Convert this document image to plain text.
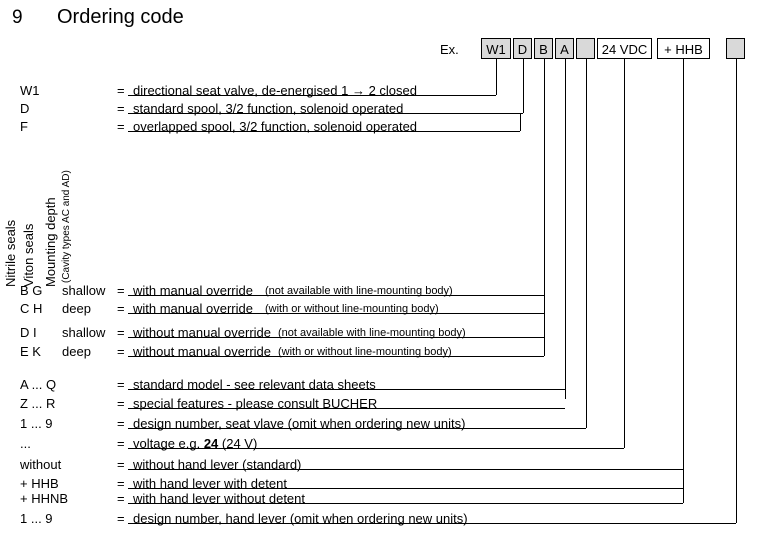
9 Ordering code
Ex.	W1 D B A	24 VDC	+ HHB
W1	= directional seat valve, de-energised 1 → 2 closed
D	= standard spool, 3/2 function, solenoid operated
F	= overlapped spool, 3/2 function, solenoid operated
Nitrile seals Viton seals Mounting depth (Cavity types AC and AD)
B G shallow = with manual override (not available with line-mounting body)
C H deep = with manual override (with or without line-mounting body)
D I shallow = without manual override (not available with line-mounting body)
E K deep = without manual override (with or without line-mounting body)
A ... Q	= standard model - see relevant data sheets
Z ... R	= special features - please consult BUCHER
1 ... 9	= design number, seat vlave (omit when ordering new units)
...	= voltage e.g. 24 (24 V)
without	= without hand lever (standard)
+ HHB	= with hand lever with detent
+ HHNB	= with hand lever without detent
1 ... 9	= design number, hand lever (omit when ordering new units)
